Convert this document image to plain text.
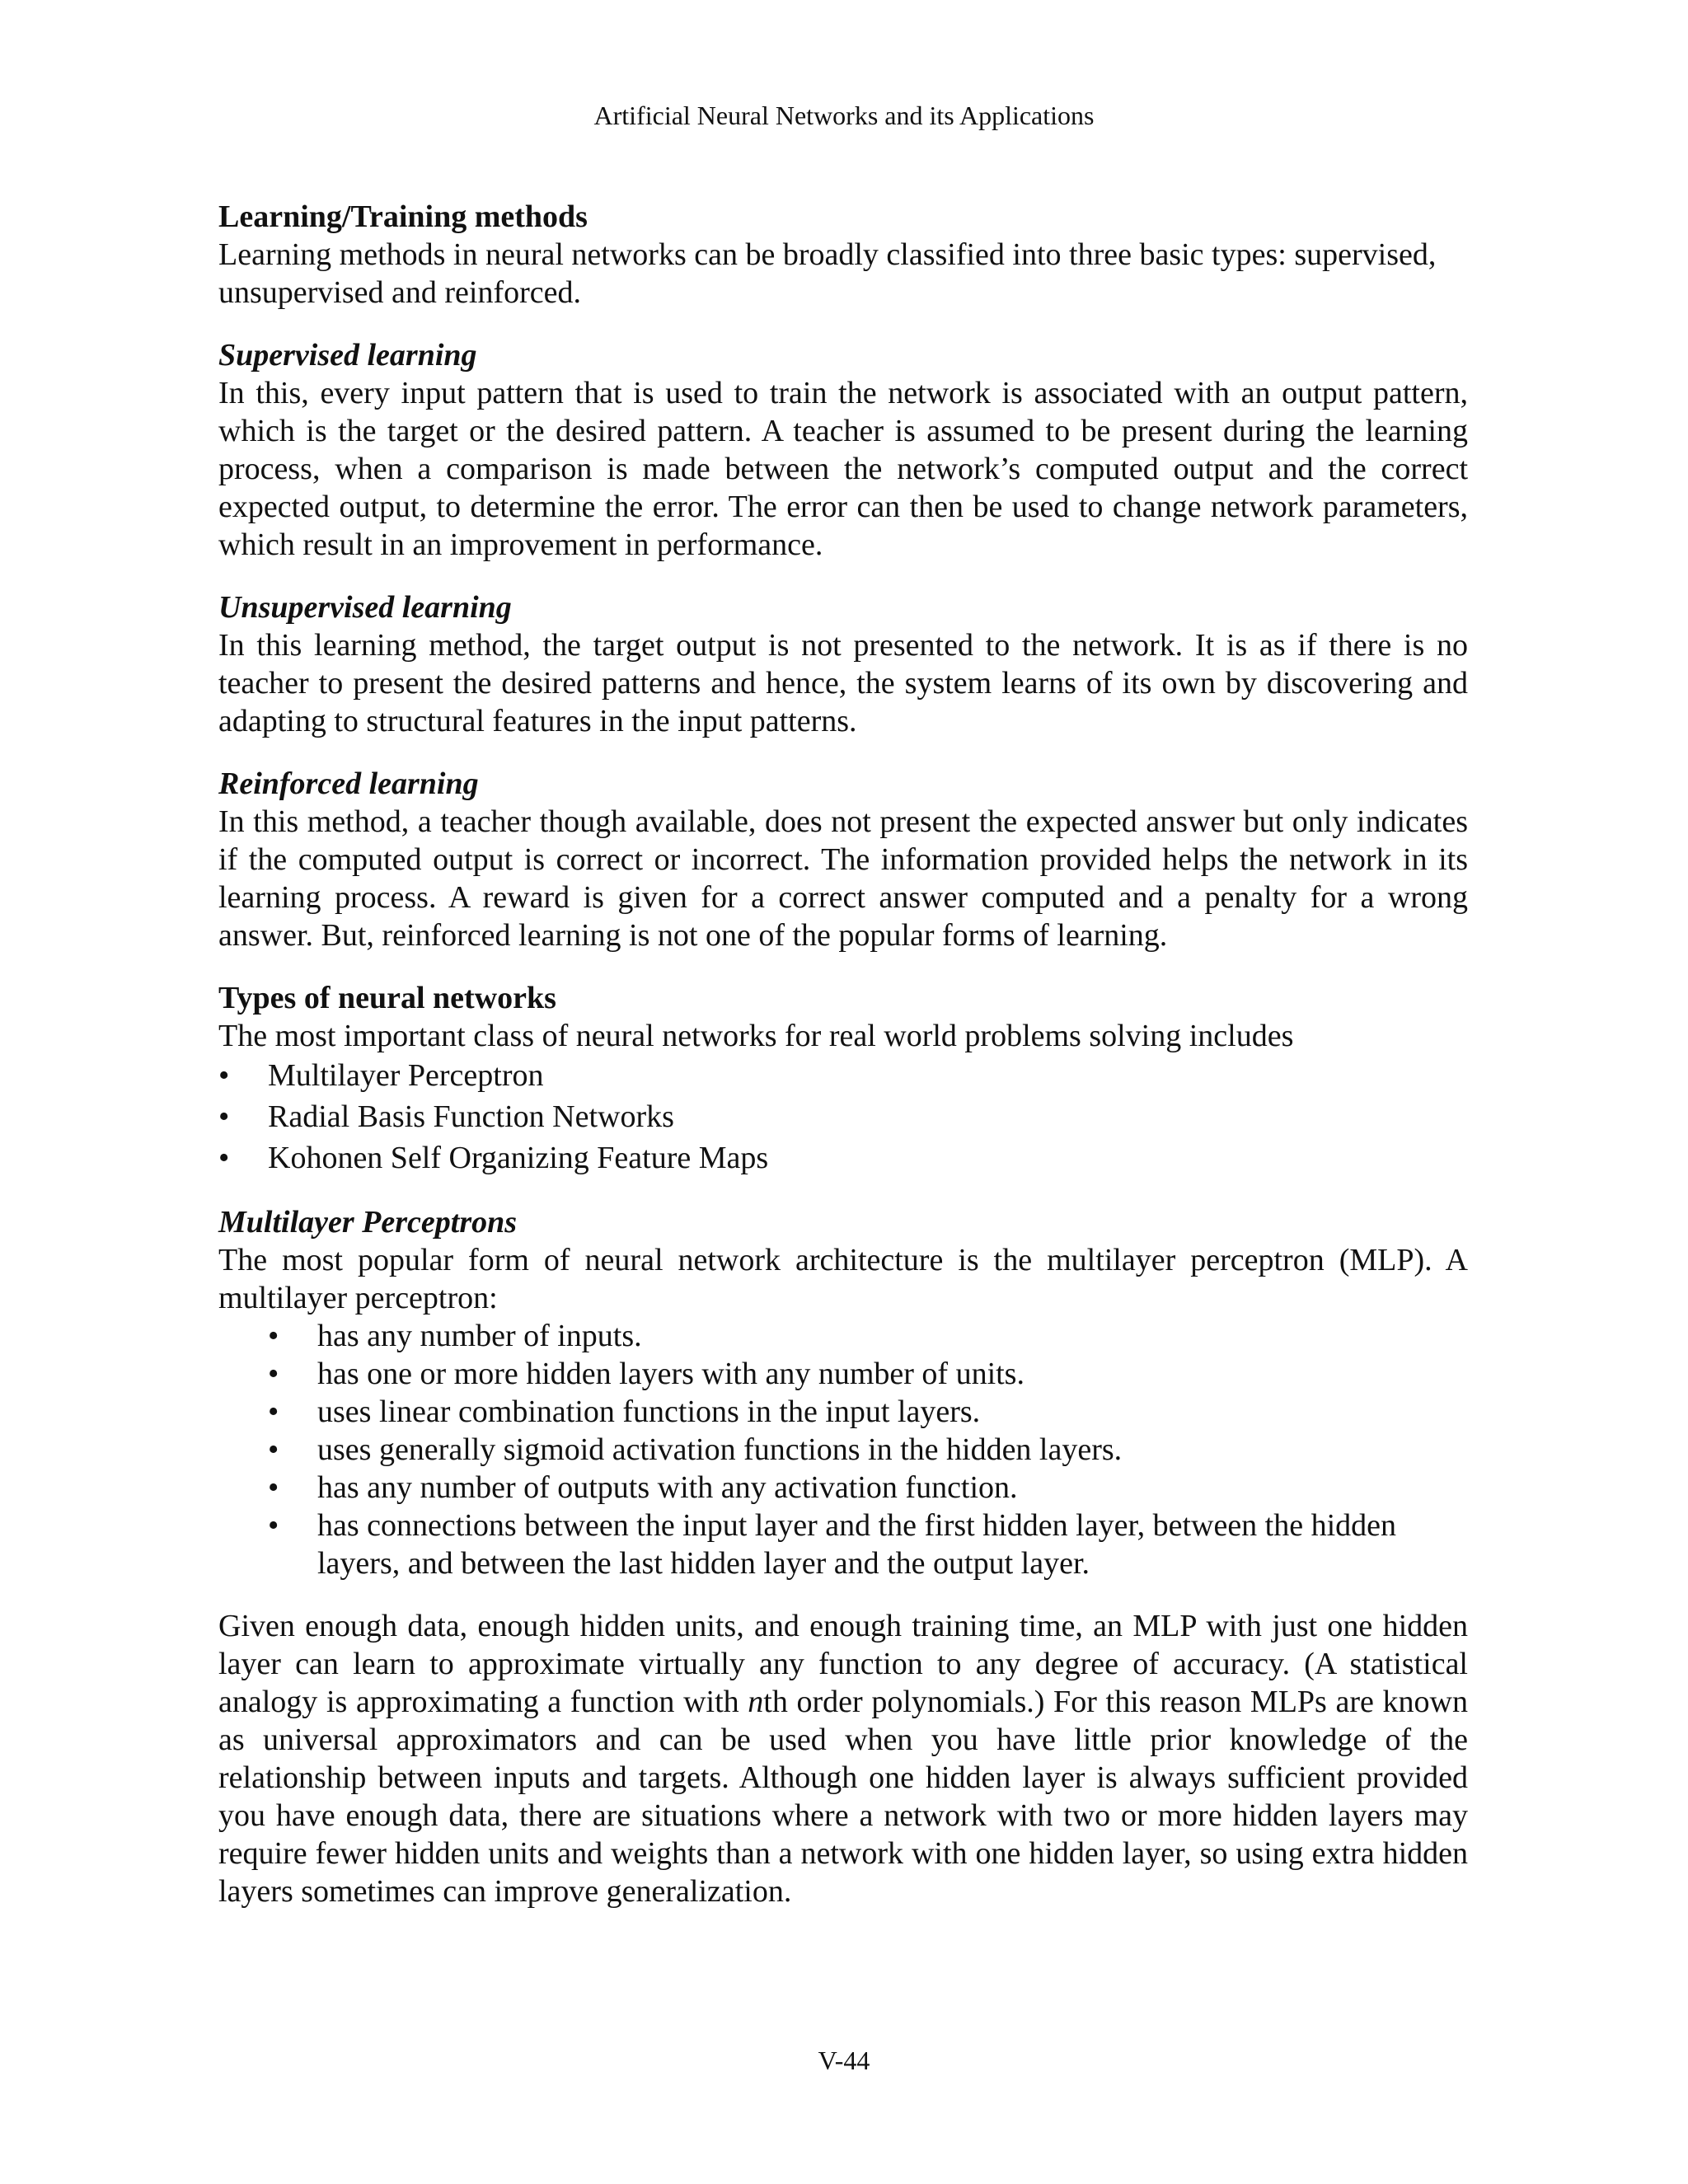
Artificial Neural Networks and its Applications

Learning/Training methods

Learning methods in neural networks can be broadly classified into three basic types: supervised, unsupervised and reinforced.

Supervised learning

In this, every input pattern that is used to train the network is associated with an output pattern, which is the target or the desired pattern. A teacher is assumed to be present during the learning process, when a comparison is made between the network’s computed output and the correct expected output, to determine the error. The error can then be used to change network parameters, which result in an improvement in performance.

Unsupervised learning

In this learning method, the target output is not presented to the network. It is as if there is no teacher to present the desired patterns and hence, the system learns of its own by discovering and adapting to structural features in the input patterns.

Reinforced learning

In this method, a teacher though available, does not present the expected answer but only indicates if the computed output is correct or incorrect. The information provided helps the network in its learning process. A reward is given for a correct answer computed and a penalty for a wrong answer. But, reinforced learning is not one of the popular forms of learning.

Types of neural networks

The most important class of neural networks for real world problems solving includes

• Multilayer Perceptron
• Radial Basis Function Networks
• Kohonen Self Organizing Feature Maps

Multilayer Perceptrons

The most popular form of neural network architecture is the multilayer perceptron (MLP). A multilayer perceptron:

• has any number of inputs.
• has one or more hidden layers with any number of units.
• uses linear combination functions in the input layers.
• uses generally sigmoid activation functions in the hidden layers.
• has any number of outputs with any activation function.
• has connections between the input layer and the first hidden layer, between the hidden layers, and between the last hidden layer and the output layer.

Given enough data, enough hidden units, and enough training time, an MLP with just one hidden layer can learn to approximate virtually any function to any degree of accuracy. (A statistical analogy is approximating a function with nth order polynomials.) For this reason MLPs are known as universal approximators and can be used when you have little prior knowledge of the relationship between inputs and targets. Although one hidden layer is always sufficient provided you have enough data, there are situations where a network with two or more hidden layers may require fewer hidden units and weights than a network with one hidden layer, so using extra hidden layers sometimes can improve generalization.

V-44
